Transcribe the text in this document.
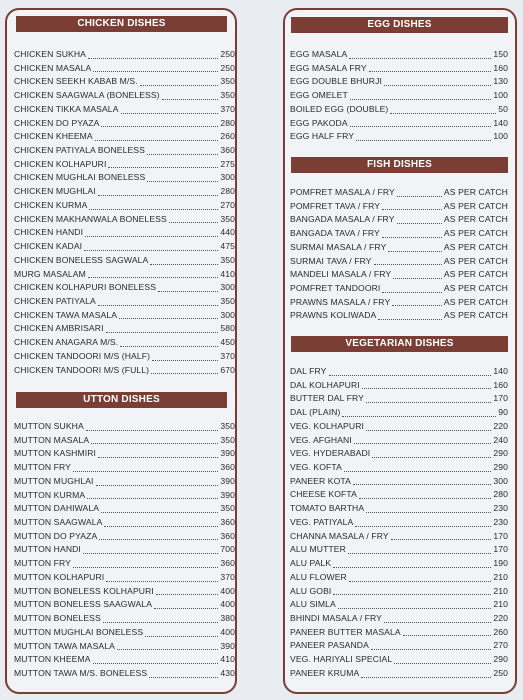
CHICKEN DISHES
CHICKEN SUKHA	250
CHICKEN MASALA	250
CHICKEN SEEKH KABAB M/S.	350
CHICKEN SAAGWALA (BONELESS)	350
CHICKEN TIKKA MASALA	370
CHICKEN DO PYAZA	280
CHICKEN KHEEMA	260
CHICKEN PATIYALA BONELESS	360
CHICKEN KOLHAPURI	275
CHICKEN MUGHLAI BONELESS	300
CHICKEN MUGHLAI	280
CHICKEN KURMA	270
CHICKEN MAKHANWALA BONELESS	350
CHICKEN HANDI	440
CHICKEN KADAI	475
CHICKEN BONELESS SAGWALA	350
MURG MASALAM	410
CHICKEN KOLHAPURI BONELESS	300
CHICKEN PATIYALA	350
CHICKEN TAWA MASALA	300
CHICKEN AMBRISARI	580
CHICKEN ANAGARA M/S.	450
CHICKEN TANDOORI M/S (HALF)	370
CHICKEN TANDOORI M/S (FULL)	670
UTTON DISHES
MUTTON SUKHA	350
MUTTON MASALA	350
MUTTON KASHMIRI	390
MUTTON FRY	360
MUTTON MUGHLAI	390
MUTTON KURMA	390
MUTTON DAHIWALA	350
MUTTON SAAGWALA	360
MUTTON DO PYAZA	360
MUTTON HANDI	700
MUTTON FRY	360
MUTTON KOLHAPURI	370
MUTTON BONELESS KOLHAPURI	400
MUTTON BONELESS SAAGWALA	400
MUTTON BONELESS	380
MUTTON MUGHLAI BONELESS	400
MUTTON TAWA MASALA	390
MUTTON KHEEMA	410
MUTTON TAWA M/S. BONELESS	430
EGG DISHES
EGG MASALA	150
EGG MASALA FRY	160
EGG DOUBLE BHURJI	130
EGG OMELET	100
BOILED EGG (DOUBLE)	50
EGG PAKODA	140
EGG HALF FRY	100
FISH DISHES
POMFRET MASALA / FRY	AS PER CATCH
POMFRET TAVA / FRY	AS PER CATCH
BANGADA MASALA / FRY	AS PER CATCH
BANGADA TAVA / FRY	AS PER CATCH
SURMAI MASALA / FRY	AS PER CATCH
SURMAI TAVA / FRY	AS PER CATCH
MANDELI MASALA / FRY	AS PER CATCH
POMFRET TANDOORI	AS PER CATCH
PRAWNS MASALA / FRY	AS PER CATCH
PRAWNS KOLIWADA	AS PER CATCH
VEGETARIAN DISHES
DAL FRY	140
DAL KOLHAPURI	160
BUTTER DAL FRY	170
DAL (PLAIN)	90
VEG. KOLHAPURI	220
VEG. AFGHANI	240
VEG. HYDERABADI	290
VEG. KOFTA	290
PANEER KOTA	300
CHEESE KOFTA	280
TOMATO BARTHA	230
VEG. PATIYALA	230
CHANNA MASALA / FRY	170
ALU MUTTER	170
ALU PALK	190
ALU FLOWER	210
ALU GOBI	210
ALU SIMLA	210
BHINDI MASALA / FRY	220
PANEER BUTTER MASALA	260
PANEER PASANDA	270
VEG. HARIYALI SPECIAL	290
PANEER KRUMA	250
